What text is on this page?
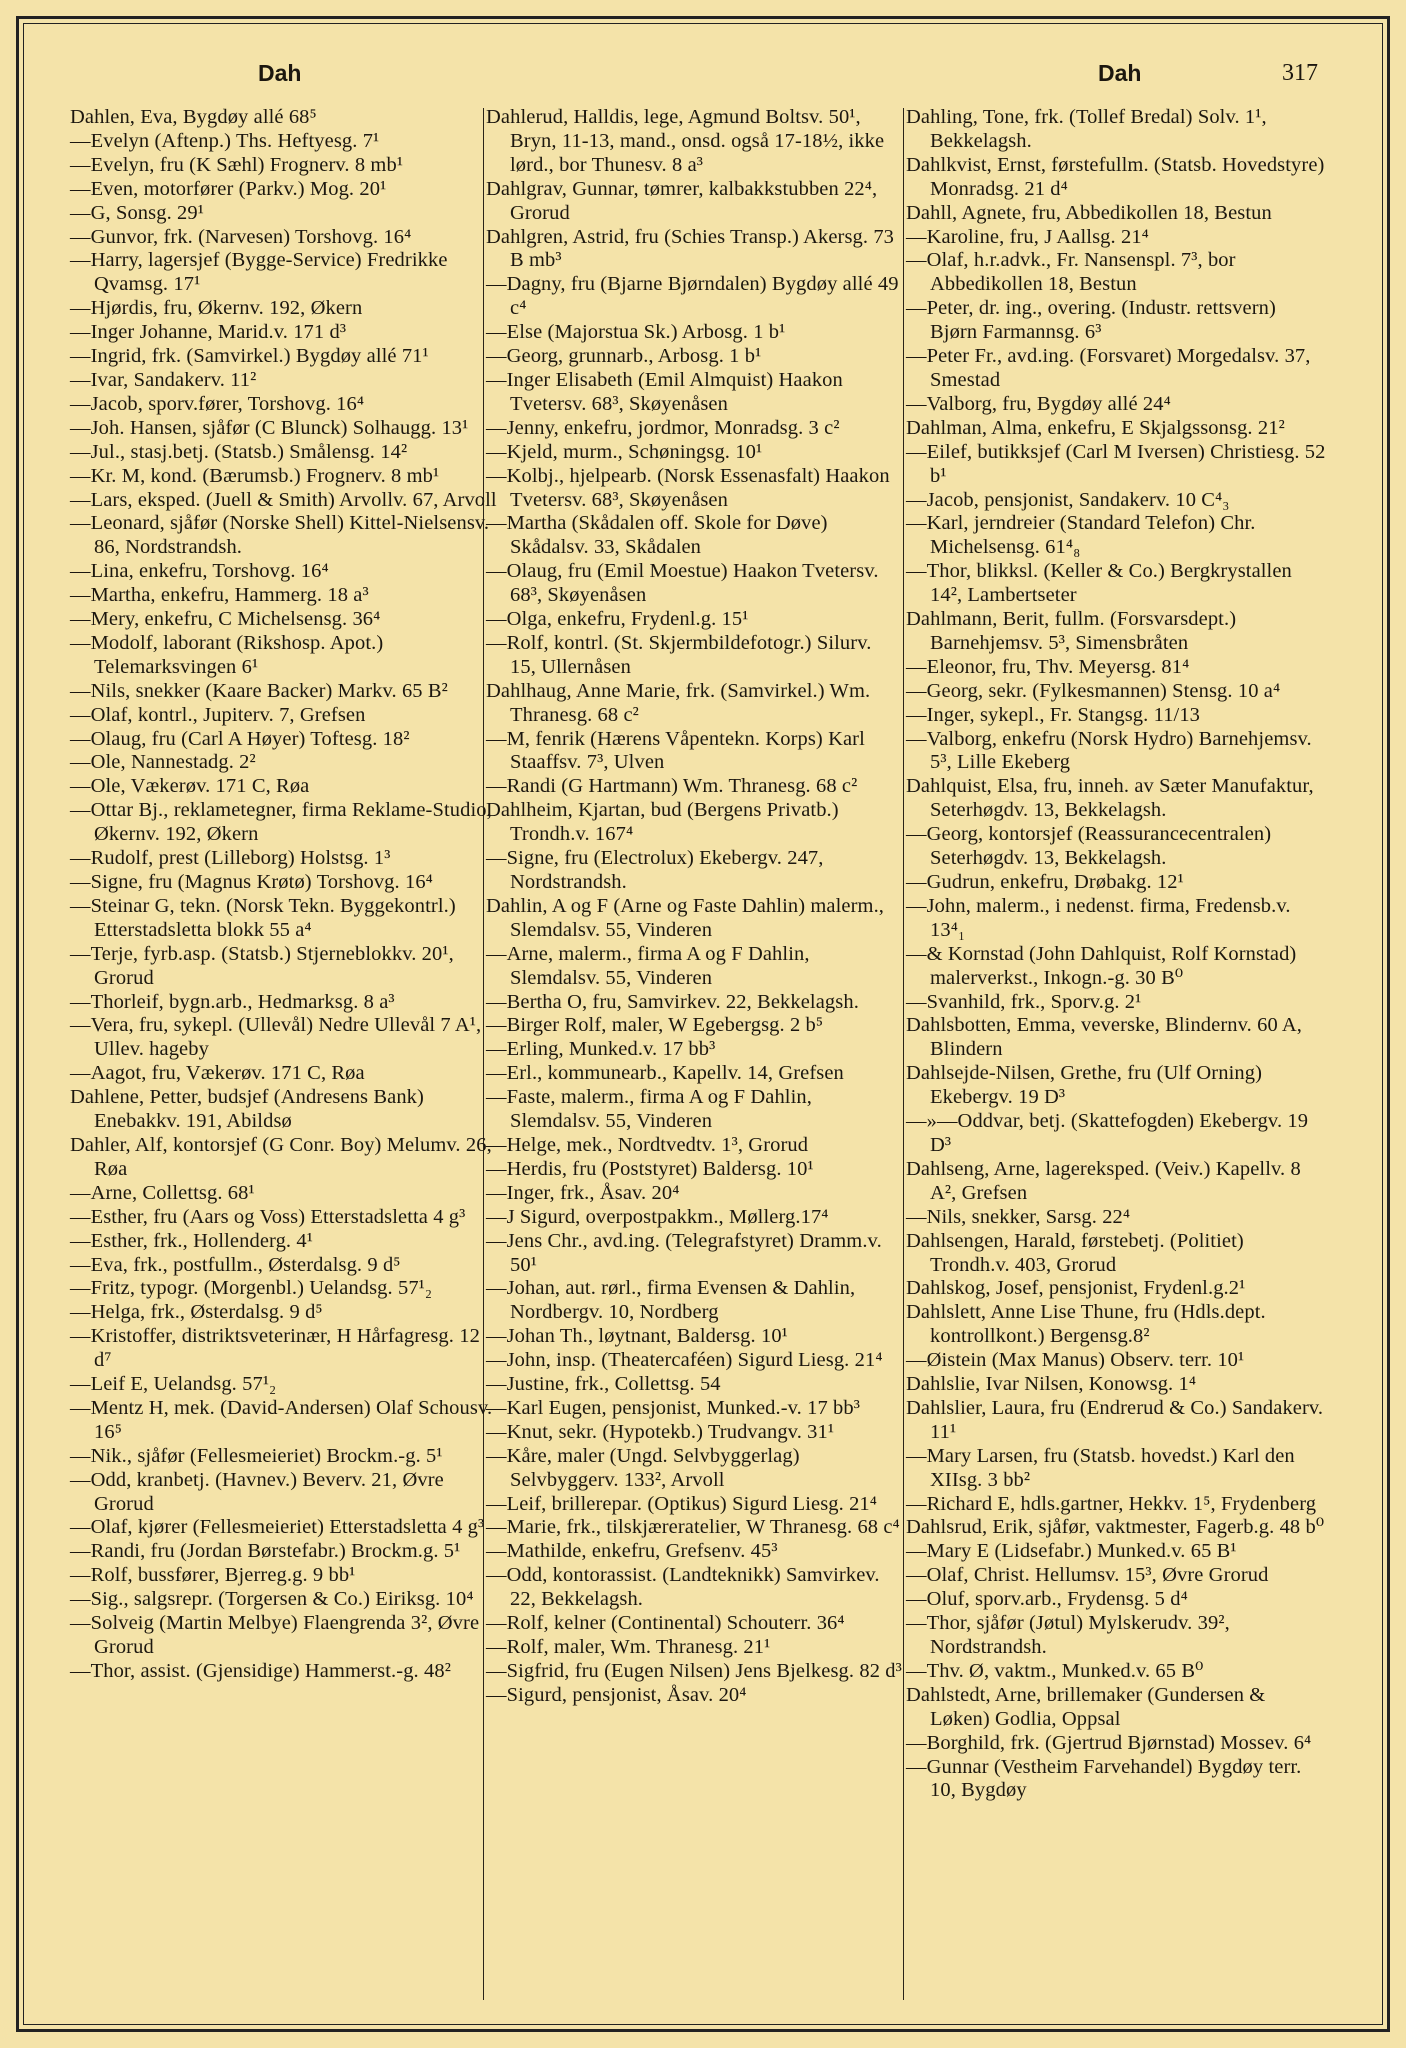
Dah	Dah	317
Dahlen, Eva, Bygdøy allé 68⁵
—Evelyn (Aftenp.) Ths. Heftyesg. 7¹
—Evelyn, fru (K Sæhl) Frognerv. 8 mb¹
—Even, motorfører (Parkv.) Mog. 20¹
—G, Sonsg. 29¹
—Gunvor, frk. (Narvesen) Torshovg. 16⁴
—Harry, lagersjef (Bygge-Service) Fredrikke Qvamsg. 17¹
—Hjørdis, fru, Økernv. 192, Økern
—Inger Johanne, Marid.v. 171 d³
—Ingrid, frk. (Samvirkel.) Bygdøy allé 71¹
—Ivar, Sandakerv. 11²
—Jacob, sporv.fører, Torshovg. 16⁴
—Joh. Hansen, sjåfør (C Blunck) Solhaugg. 13¹
—Jul., stasj.betj. (Statsb.) Smålensg. 14²
—Kr. M, kond. (Bærumsb.) Frognerv. 8 mb¹
—Lars, eksped. (Juell & Smith) Arvollv. 67, Arvoll
—Leonard, sjåfør (Norske Shell) Kittel-Nielsensv. 86, Nordstrandsh.
—Lina, enkefru, Torshovg. 16⁴
—Martha, enkefru, Hammerg. 18 a³
—Mery, enkefru, C Michelsensg. 36⁴
—Modolf, laborant (Rikshosp. Apot.) Telemarksvingen 6¹
—Nils, snekker (Kaare Backer) Markv. 65 B²
—Olaf, kontrl., Jupiterv. 7, Grefsen
—Olaug, fru (Carl A Høyer) Toftesg. 18²
—Ole, Nannestadg. 2²
—Ole, Vækerøv. 171 C, Røa
—Ottar Bj., reklametegner, firma Reklame-Studio, Økernv. 192, Økern
—Rudolf, prest (Lilleborg) Holstsg. 1³
—Signe, fru (Magnus Krøtø) Torshovg. 16⁴
—Steinar G, tekn. (Norsk Tekn. Byggekontrl.) Etterstadsletta blokk 55 a⁴
—Terje, fyrb.asp. (Statsb.) Stjerneblokkv. 20¹, Grorud
—Thorleif, bygn.arb., Hedmarksg. 8 a³
—Vera, fru, sykepl. (Ullevål) Nedre Ullevål 7 A¹, Ullev. hageby
—Aagot, fru, Vækerøv. 171 C, Røa
Dahlene, Petter, budsjef (Andresens Bank) Enebakkv. 191, Abildsø
Dahler, Alf, kontorsjef (G Conr. Boy) Melumv. 26, Røa
—Arne, Collettsg. 68¹
—Esther, fru (Aars og Voss) Etterstadsletta 4 g³
—Esther, frk., Hollenderg. 4¹
—Eva, frk., postfullm., Østerdalsg. 9 d⁵
—Fritz, typogr. (Morgenbl.) Uelandsg. 57¹₂
—Helga, frk., Østerdalsg. 9 d⁵
—Kristoffer, distriktsveterinær, H Hårfagresg. 12 d⁷
—Leif E, Uelandsg. 57¹₂
—Mentz H, mek. (David-Andersen) Olaf Schousv. 16⁵
—Nik., sjåfør (Fellesmeieriet) Brockm.-g. 5¹
—Odd, kranbetj. (Havnev.) Beverv. 21, Øvre Grorud
—Olaf, kjører (Fellesmeieriet) Etterstadsletta 4 g³
—Randi, fru (Jordan Børstefabr.) Brockm.g. 5¹
—Rolf, bussfører, Bjerreg.g. 9 bb¹
—Sig., salgsrepr. (Torgersen & Co.) Eiriksg. 10⁴
—Solveig (Martin Melbye) Flaengrenda 3², Øvre Grorud
—Thor, assist. (Gjensidige) Hammerst.-g. 48²
Dahlerud, Halldis, lege, Agmund Boltsv. 50¹, Bryn, 11-13, mand., onsd. også 17-18½, ikke lørd., bor Thunesv. 8 a³
Dahlgrav, Gunnar, tømrer, kalbakkstubben 22⁴, Grorud
Dahlgren, Astrid, fru (Schies Transp.) Akersg. 73 B mb³
—Dagny, fru (Bjarne Bjørndalen) Bygdøy allé 49 c⁴
—Else (Majorstua Sk.) Arbosg. 1 b¹
—Georg, grunnarb., Arbosg. 1 b¹
—Inger Elisabeth (Emil Almquist) Haakon Tvetersv. 68³, Skøyenåsen
—Jenny, enkefru, jordmor, Monradsg. 3 c²
—Kjeld, murm., Schøningsg. 10¹
—Kolbj., hjelpearb. (Norsk Essenasfalt) Haakon Tvetersv. 68³, Skøyenåsen
—Martha (Skådalen off. Skole for Døve) Skådalsv. 33, Skådalen
—Olaug, fru (Emil Moestue) Haakon Tvetersv. 68³, Skøyenåsen
—Olga, enkefru, Frydenl.g. 15¹
—Rolf, kontrl. (St. Skjermbildefotogr.) Silurv. 15, Ullernåsen
Dahlhaug, Anne Marie, frk. (Samvirkel.) Wm. Thranesg. 68 c²
—M, fenrik (Hærens Våpentekn. Korps) Karl Staaffsv. 7³, Ulven
—Randi (G Hartmann) Wm. Thranesg. 68 c²
Dahlheim, Kjartan, bud (Bergens Privatb.) Trondh.v. 167⁴
—Signe, fru (Electrolux) Ekebergv. 247, Nordstrandsh.
Dahlin, A og F (Arne og Faste Dahlin) malerm., Slemdalsv. 55, Vinderen
—Arne, malerm., firma A og F Dahlin, Slemdalsv. 55, Vinderen
—Bertha O, fru, Samvirkev. 22, Bekkelagsh.
—Birger Rolf, maler, W Egebergsg. 2 b⁵
—Erling, Munked.v. 17 bb³
—Erl., kommunearb., Kapellv. 14, Grefsen
—Faste, malerm., firma A og F Dahlin, Slemdalsv. 55, Vinderen
—Helge, mek., Nordtvedtv. 1³, Grorud
—Herdis, fru (Poststyret) Baldersg. 10¹
—Inger, frk., Åsav. 20⁴
—J Sigurd, overpostpakkm., Møllerg.17⁴
—Jens Chr., avd.ing. (Telegrafstyret) Dramm.v. 50¹
—Johan, aut. rørl., firma Evensen & Dahlin, Nordbergv. 10, Nordberg
—Johan Th., løytnant, Baldersg. 10¹
—John, insp. (Theatercaféen) Sigurd Liesg. 21⁴
—Justine, frk., Collettsg. 54
—Karl Eugen, pensjonist, Munked.-v. 17 bb³
—Knut, sekr. (Hypotekb.) Trudvangv. 31¹
—Kåre, maler (Ungd. Selvbyggerlag) Selvbyggerv. 133², Arvoll
—Leif, brillerepar. (Optikus) Sigurd Liesg. 21⁴
—Marie, frk., tilskjæreratelier, W Thranesg. 68 c⁴
—Mathilde, enkefru, Grefsenv. 45³
—Odd, kontorassist. (Landteknikk) Samvirkev. 22, Bekkelagsh.
—Rolf, kelner (Continental) Schouterr. 36⁴
—Rolf, maler, Wm. Thranesg. 21¹
—Sigfrid, fru (Eugen Nilsen) Jens Bjelkesg. 82 d³
—Sigurd, pensjonist, Åsav. 20⁴
Dahling, Tone, frk. (Tollef Bredal) Solv. 1¹, Bekkelagsh.
Dahlkvist, Ernst, førstefullm. (Statsb. Hovedstyre) Monradsg. 21 d⁴
Dahll, Agnete, fru, Abbedikollen 18, Bestun
—Karoline, fru, J Aallsg. 21⁴
—Olaf, h.r.advk., Fr. Nansenspl. 7³, bor Abbedikollen 18, Bestun
—Peter, dr. ing., overing. (Industr. rettsvern) Bjørn Farmannsg. 6³
—Peter Fr., avd.ing. (Forsvaret) Morgedalsv. 37, Smestad
—Valborg, fru, Bygdøy allé 24⁴
Dahlman, Alma, enkefru, E Skjalgssonsg. 21²
—Eilef, butikksjef (Carl M Iversen) Christiesg. 52 b¹
—Jacob, pensjonist, Sandakerv. 10 C⁴₃
—Karl, jerndreier (Standard Telefon) Chr. Michelsensg. 61⁴₈
—Thor, blikksl. (Keller & Co.) Bergkrystallen 14², Lambertseter
Dahlmann, Berit, fullm. (Forsvarsdept.) Barnehjemsv. 5³, Simensbråten
—Eleonor, fru, Thv. Meyersg. 81⁴
—Georg, sekr. (Fylkesmannen) Stensg. 10 a⁴
—Inger, sykepl., Fr. Stangsg. 11/13
—Valborg, enkefru (Norsk Hydro) Barnehjemsv. 5³, Lille Ekeberg
Dahlquist, Elsa, fru, inneh. av Sæter Manufaktur, Seterhøgdv. 13, Bekkelagsh.
—Georg, kontorsjef (Reassurancecentralen) Seterhøgdv. 13, Bekkelagsh.
—Gudrun, enkefru, Drøbakg. 12¹
—John, malerm., i nedenst. firma, Fredensb.v. 13⁴₁
—& Kornstad (John Dahlquist, Rolf Kornstad) malerverkst., Inkogn.-g. 30 B⁰
—Svanhild, frk., Sporv.g. 2¹
Dahlsbotten, Emma, veverske, Blindernv. 60 A, Blindern
Dahlsejde-Nilsen, Grethe, fru (Ulf Orning) Ekebergv. 19 D³
—»—Oddvar, betj. (Skattefogden) Ekebergv. 19 D³
Dahlseng, Arne, lagereksped. (Veiv.) Kapellv. 8 A², Grefsen
—Nils, snekker, Sarsg. 22⁴
Dahlsengen, Harald, førstebetj. (Politiet) Trondh.v. 403, Grorud
Dahlskog, Josef, pensjonist, Frydenl.g.2¹
Dahlslett, Anne Lise Thune, fru (Hdls.dept. kontrollkont.) Bergensg.8²
—Øistein (Max Manus) Observ. terr. 10¹
Dahlslie, Ivar Nilsen, Konowsg. 1⁴
Dahlslier, Laura, fru (Endrerud & Co.) Sandakerv. 11¹
—Mary Larsen, fru (Statsb. hovedst.) Karl den XIIsg. 3 bb²
—Richard E, hdls.gartner, Hekkv. 1⁵, Frydenberg
Dahlsrud, Erik, sjåfør, vaktmester, Fagerb.g. 48 b⁰
—Mary E (Lidsefabr.) Munked.v. 65 B¹
—Olaf, Christ. Hellumsv. 15³, Øvre Grorud
—Oluf, sporv.arb., Frydensg. 5 d⁴
—Thor, sjåfør (Jøtul) Mylskerudv. 39², Nordstrandsh.
—Thv. Ø, vaktm., Munked.v. 65 B⁰
Dahlstedt, Arne, brillemaker (Gundersen & Løken) Godlia, Oppsal
—Borghild, frk. (Gjertrud Bjørnstad) Mossev. 6⁴
—Gunnar (Vestheim Farvehandel) Bygdøy terr. 10, Bygdøy
